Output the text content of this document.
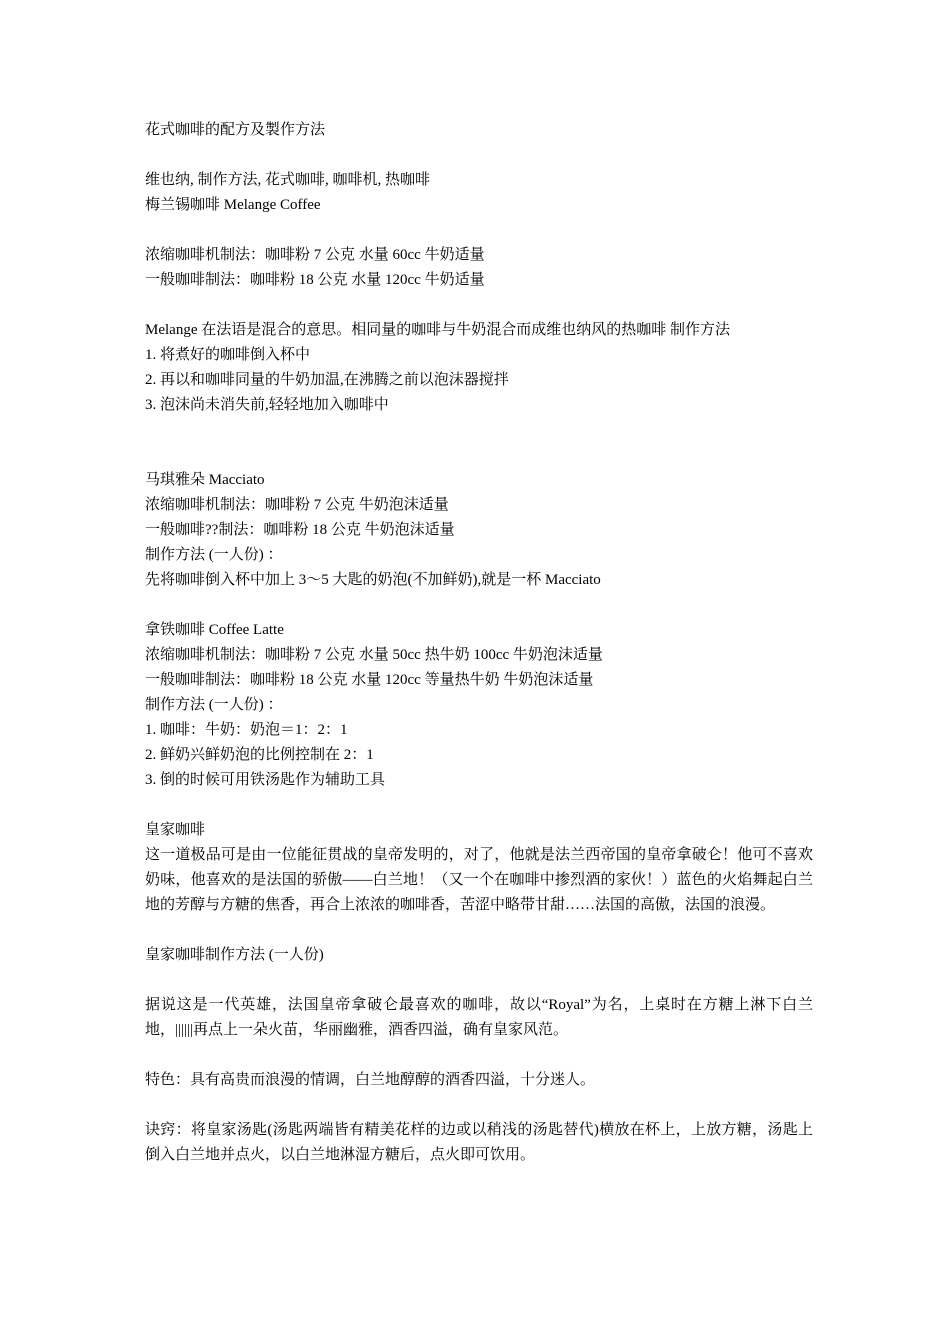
花式咖啡的配方及製作方法
维也纳, 制作方法, 花式咖啡, 咖啡机, 热咖啡
梅兰锡咖啡 Melange Coffee
浓缩咖啡机制法：咖啡粉 7 公克 水量 60cc 牛奶适量
一般咖啡制法：咖啡粉 18 公克 水量 120cc 牛奶适量
Melange 在法语是混合的意思。相同量的咖啡与牛奶混合而成维也纳风的热咖啡 制作方法
1. 将煮好的咖啡倒入杯中
2. 再以和咖啡同量的牛奶加温,在沸腾之前以泡沫器搅拌
3. 泡沫尚未消失前,轻轻地加入咖啡中
马琪雅朵 Macciato
浓缩咖啡机制法：咖啡粉 7 公克 牛奶泡沫适量
一般咖啡??制法：咖啡粉 18 公克 牛奶泡沫适量
制作方法 (一人份) ：
先将咖啡倒入杯中加上 3～5 大匙的奶泡(不加鲜奶),就是一杯 Macciato
拿铁咖啡 Coffee Latte
浓缩咖啡机制法：咖啡粉 7 公克 水量 50cc 热牛奶 100cc 牛奶泡沫适量
一般咖啡制法：咖啡粉 18 公克 水量 120cc 等量热牛奶 牛奶泡沫适量
制作方法 (一人份) ：
1. 咖啡：牛奶：奶泡＝1：2：1
2. 鲜奶兴鲜奶泡的比例控制在 2：1
3. 倒的时候可用铁汤匙作为辅助工具
皇家咖啡
这一道极品可是由一位能征贯战的皇帝发明的，对了，他就是法兰西帝国的皇帝拿破仑！他可不喜欢奶味，他喜欢的是法国的骄傲——白兰地！（又一个在咖啡中掺烈酒的家伙！）蓝色的火焰舞起白兰地的芳醇与方糖的焦香，再合上浓浓的咖啡香，苦涩中略带甘甜……法国的高傲，法国的浪漫。
皇家咖啡制作方法 (一人份)
据说这是一代英雄，法国皇帝拿破仑最喜欢的咖啡，故以“Royal”为名，上桌时在方糖上淋下白兰地，||||||再点上一朵火苗，华丽幽雅，酒香四溢，确有皇家风范。
特色：具有高贵而浪漫的情调，白兰地醇醇的酒香四溢，十分迷人。
诀窍：将皇家汤匙(汤匙两端皆有精美花样的边或以稍浅的汤匙替代)横放在杯上，上放方糖，汤匙上倒入白兰地并点火，以白兰地淋湿方糖后，点火即可饮用。
